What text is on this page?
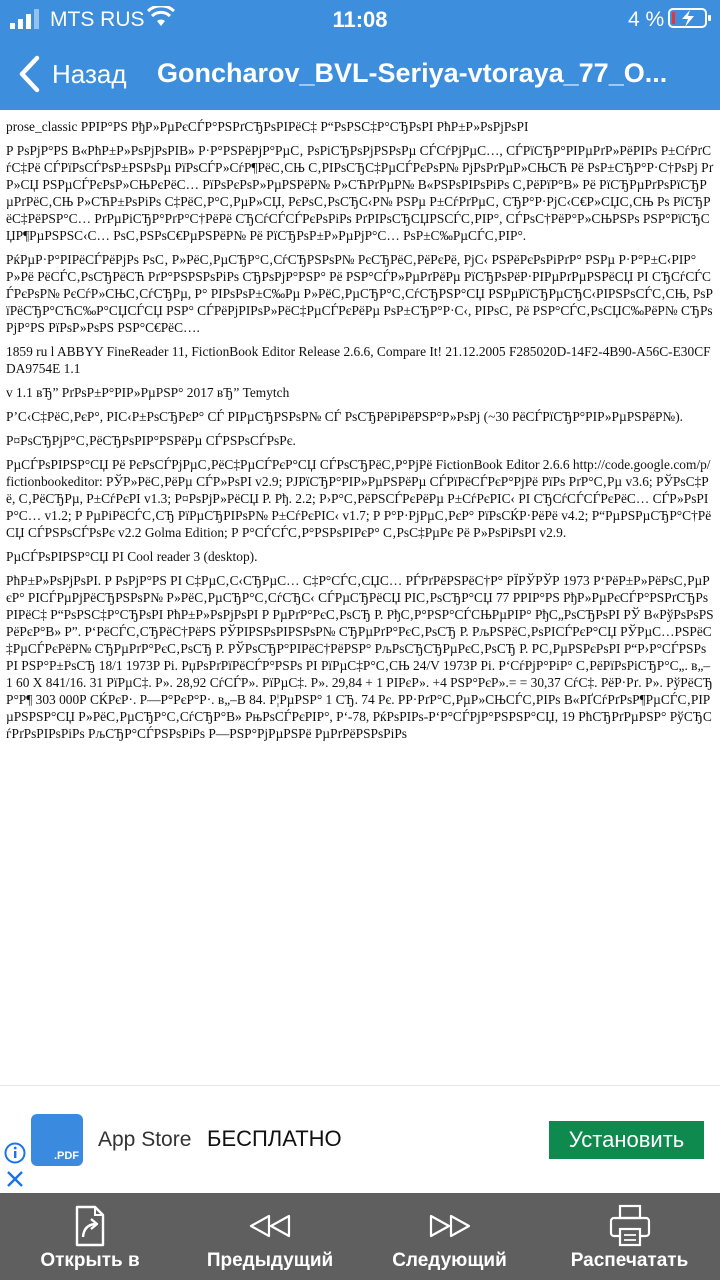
MTS RUS	11:08	4 %
Назад Goncharov_BVL-Seriya-vtoraya_77_O...

prose_classic РРІР°РЅ РђР»РµРєСЃР°РЅРґСЂРѕРІРёС‡ Р“РѕРЅС‡Р°СЂРѕРІ РћР±Р»РѕРјРѕРІ

Р РѕРјР°РЅ В«РћР±Р»РѕРјРѕРІВ» Р·Р°РЅРёРјР°РµС‚ РѕРіСЂРѕРјРЅРѕРµ СЃСѓРјРµС…, СЃРїСЂР°РІРµРґР»РёРІРѕ Р±СѓРґСѓС‡Рё СЃРїРѕСЃРѕР±РЅРѕРµ РїРѕСЃР»СѓР¶РёС‚СЊ С‚РІРѕСЂС‡РµСЃРєРѕР№ РјРѕРґРµР»СЊСЋ Рё РѕР±СЂР°Р·С†РѕРј РґР»СЏ РЅРµСЃРєРѕР»СЊРєРёС… РїРѕРєРѕР»РµРЅРёР№ Р»СЋРґРµР№ В«РЅРѕРІРѕРіРѕ С‚РёРїР°В» Рё РїСЂРµРґРѕРїСЂРµРґРёС‚СЊ Р»СЋР±РѕРіРѕ С‡РёС‚Р°С‚РµР»СЏ, РєРѕС‚РѕСЂС‹Р№ РЅРµ Р±СѓРґРµС‚ СЂР°Р·РјС‹С€Р»СЏС‚СЊ Рѕ РїСЂРёС‡РёРЅР°С… РґРµРіСЂР°РґР°С†РёРё СЂСѓСЃСЃРєРѕРіРѕ РґРІРѕСЂСЏРЅСЃС‚РІР°, СЃРѕС†РёР°Р»СЊРЅРѕ РЅР°РїСЂСЏР¶РµРЅРЅС‹С… РѕС‚РЅРѕС€РµРЅРёР№ Рё РїСЂРѕР±Р»РµРјР°С… РѕР±С‰РµСЃС‚РІР°.

РќРµР·Р°РІРёСЃРёРјРѕ РѕС‚ Р»РёС‚РµСЂР°С‚СѓСЂРЅРѕР№ РєСЂРёС‚РёРєРё, РјС‹ РЅРёРєРѕРіРґР° РЅРµ Р·Р°Р±С‹РІР°Р»Рё РёСЃС‚РѕСЂРёСЋ РґР°РЅРЅРѕРіРѕ СЂРѕРјР°РЅР° Рё РЅР°СЃР»РµРґРёРµ РїСЂРѕРёР·РІРµРґРµРЅРёСЏ РІ СЂСѓСЃСЃРєРѕР№ РєСѓР»СЊС‚СѓСЂРµ, Р° РІРѕРѕР±С‰Рµ Р»РёС‚РµСЂР°С‚СѓСЂРЅР°СЏ РЅРµРїСЂРµСЂС‹РІРЅРѕСЃС‚СЊ, РѕРїРёСЂР°СЋС‰Р°СЏСЃСЏ РЅР° СЃРёРјРІРѕР»РёС‡РµСЃРєРёРµ РѕР±СЂР°Р·С‹, РІРѕС‚ Рё РЅР°СЃС‚РѕСЏС‰РёР№ СЂРѕРјР°РЅ РїРѕР»РѕРЅ РЅР°С€РёС….

1859 ru l ABBYY FineReader 11, FictionBook Editor Release 2.6.6, Compare It! 21.12.2005 F285020D-14F2-4B90-A56C-E30CFDA9754E 1.1

v 1.1 вЂ” РґРѕР±Р°РІР»РµРЅР° 2017 вЂ” Temytch

Р’С‹С‡РёС‚РєР°, РІС‹Р±РѕСЂРєР° СЃ РІРµСЂРЅРѕР№ СЃ РѕСЂРёРіРёРЅР°Р»РѕРј (~30 РёСЃРїСЂР°РІР»РµРЅРёР№).

Р¤РѕСЂРјР°С‚РёСЂРѕРІР°РЅРёРµ СЃРЅРѕСЃРѕРє.

РµСЃРѕРІРЅР°СЏ Рё РєРѕСЃРјРµС‚РёС‡РµСЃРєР°СЏ СЃРѕСЂРёС‚Р°РјРё FictionBook Editor 2.6.6 http://code.google.com/p/fictionbookeditor: РЎР»РёС‚РёРµ СЃР»РѕРІ v2.9; РЈРїСЂР°РІР»РµРЅРёРµ СЃРїРёСЃРєР°РјРё РїРѕ РґР°С‚Рµ v3.6; РЎРѕС‡Рё, С‚РёСЂРµ, Р±СѓРєРІ v1.3; Р¤РѕРјР»РёСЏ Р. Рђ. 2.2; Р›Р°С‚РёРЅСЃРєРёРµ Р±СѓРєРІС‹ РІ СЂСѓСЃСЃРєРёС… СЃР»РѕРІР°С… v1.2; Р РµРіРёСЃС‚СЂ РїРµСЂРІРѕР№ Р±СѓРєРІС‹ v1.7; Р Р°Р·РјРµС‚РєР° РїРѕСЌР·РёРё v4.2; Р“РµРЅРµСЂР°С†РёСЏ СЃРЅРѕСЃРѕРє v2.2 Golma Edition; Р Р°СЃСЃС‚Р°РЅРѕРІРєР° С‚РѕС‡РµРє Рё Р»РѕРіРѕРІ v2.9.

РµСЃРѕРІРЅР°СЏ РІ Cool reader 3 (desktop).

РћР±Р»РѕРјРѕРІ. Р РѕРјР°РЅ РІ С‡РµС‚С‹СЂРµС… С‡Р°СЃС‚СЏС… РЃРґРёРЅРёС†Р° РЇРЎРЎР 1973 Р‘РёР±Р»РёРѕС‚РµРєР° РІСЃРµРјРёСЂРЅРѕР№ Р»РёС‚РµСЂР°С‚СѓСЂС‹ СЃРµСЂРёСЏ РІС‚РѕСЂР°СЏ 77 РРІР°РЅ РђР»РµРєСЃР°РЅРґСЂРѕРІРёС‡ Р“РѕРЅС‡Р°СЂРѕРІ РћР±Р»РѕРјРѕРІ Р РµРґР°РєС‚РѕСЂ Р. РђС‚Р°РЅР°СЃСЊРµРІР° РђС„РѕСЂРѕРІ РЎ В«РўРѕРѕРЅРёРєР°В» Р”. Р‘РёСЃС‚СЂРёС†РёРЅ РЎРІРЅРѕРІРЅРѕР№ СЂРµРґР°РєС‚РѕСЂ Р. РљРЅРёС‚РѕРІСЃРєР°СЏ РЎРµС…РЅРёС‡РµСЃРєРёР№ СЂРµРґР°РєС‚РѕСЂ Р. РЎРѕСЂР°РІРёС†РёРЅР° РљРѕСЂСЂРµРєС‚РѕСЂ Р. РС‚РµРЅРєРѕРІ Р“Р›Р°СЃРЅРѕ РІ РЅР°Р±РѕСЂ 18/1 1973Р Рі. РџРѕРґРїРёСЃР°РЅРѕ РІ РїРµС‡Р°С‚СЊ 24/V 1973Р Рі. Р‘СѓРјР°РіР° С‚РёРїРѕРіСЂР°С„. в„– 1 60 X 841/16. 31 РїРµС‡. Р». 28,92 СѓСЃР». РїРµС‡. Р». 29,84 + 1 РІРєР». +4 РЅР°РєР».= = 30,37 СѓС‡. РёР·Рґ. Р». РўРёСЂР°Р¶ 303 000Р СЌРєР·. Р—Р°РєР°Р·. в„–В 84. Р¦РµРЅР° 1 СЂ. 74 Рє. РР·РґР°С‚РµР»СЊСЃС‚РІРѕ В«РҐСѓРґРѕР¶РµСЃС‚РІРµРЅРЅР°СЏ Р»РёС‚РµСЂР°С‚СѓСЂР°В» РњРѕСЃРєРІР°, Р‘-78, РќРѕРІРѕ-Р‘Р°СЃРјР°РЅРЅР°СЏ, 19 РћСЂРґРµРЅР° РўСЂСѓРґРѕРІРѕРіРѕ РљСЂР°СЃРЅРѕРіРѕ Р—РЅР°РјРµРЅРё РµРґРёРЅРѕРіРѕ

.PDF
App Store БЕСПЛАТНО	Установить
Открыть в	Предыдущий	Следующий	Распечатать
